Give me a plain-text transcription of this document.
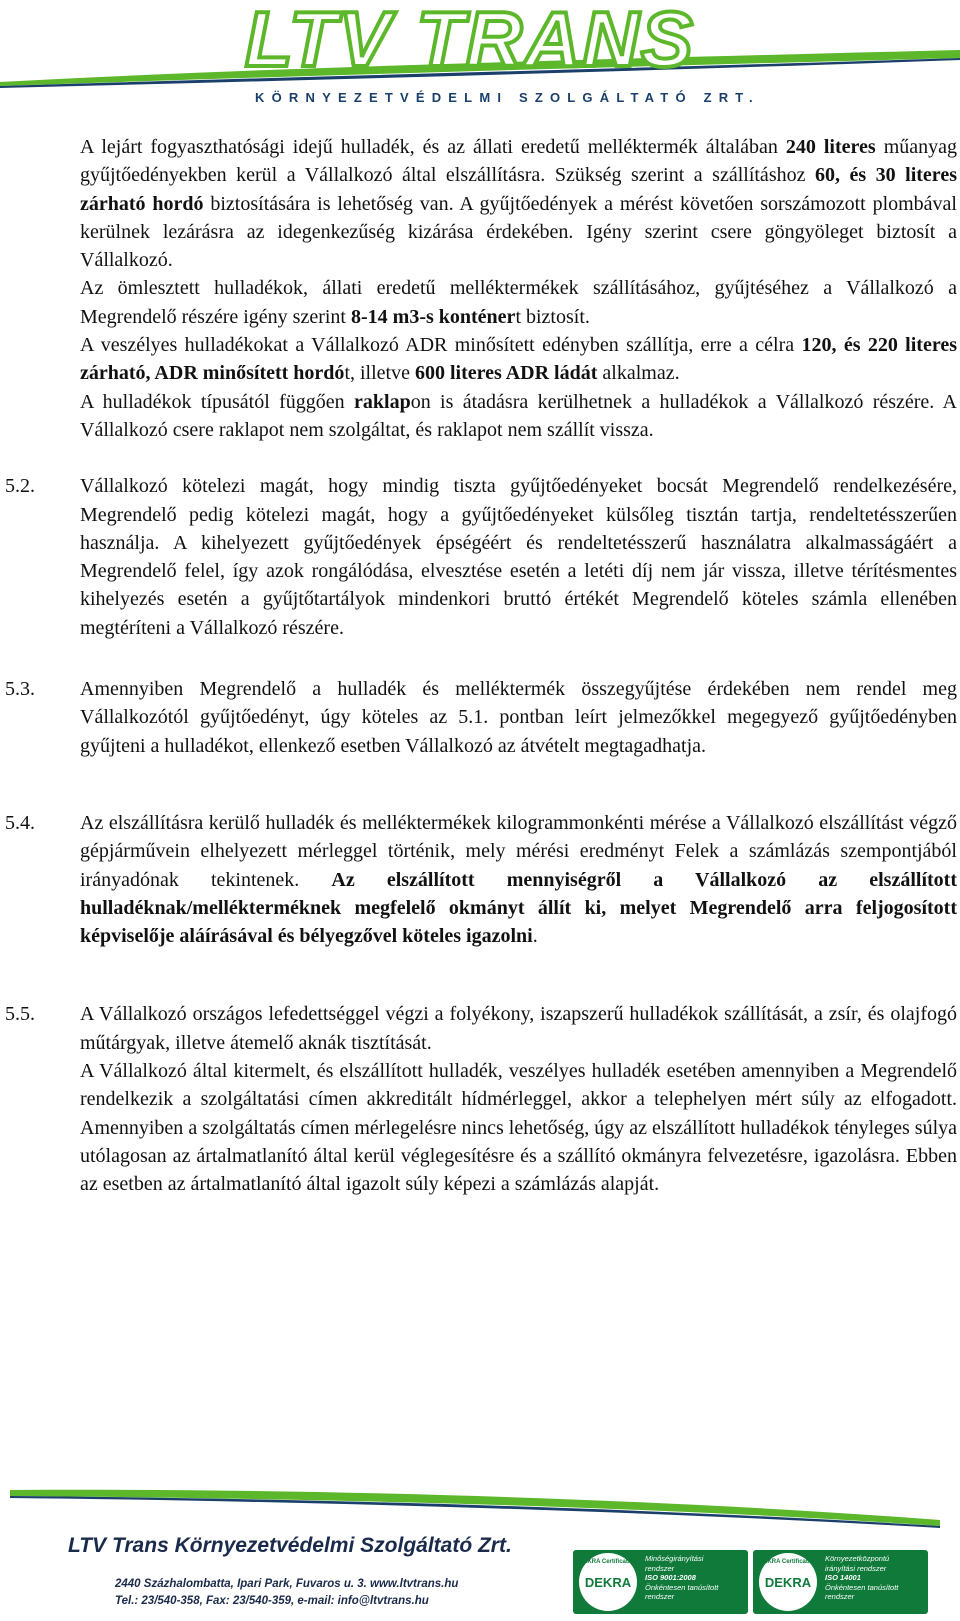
LTV TRANS
KÖRNYEZETVÉDELMI SZOLGÁLTATÓ ZRT.

A lejárt fogyaszthatósági idejű hulladék, és az állati eredetű melléktermék általában 240 literes műanyag gyűjtőedényekben kerül a Vállalkozó által elszállításra. Szükség szerint a szállításhoz 60, és 30 literes zárható hordó biztosítására is lehetőség van. A gyűjtőedények a mérést követően sorszámozott plombával kerülnek lezárásra az idegenkezűség kizárása érdekében. Igény szerint csere göngyöleget biztosít a Vállalkozó.

Az ömlesztett hulladékok, állati eredetű melléktermékek szállításához, gyűjtéséhez a Vállalkozó a Megrendelő részére igény szerint 8-14 m3-s konténert biztosít.

A veszélyes hulladékokat a Vállalkozó ADR minősített edényben szállítja, erre a célra 120, és 220 literes zárható, ADR minősített hordót, illetve 600 literes ADR ládát alkalmaz.

A hulladékok típusától függően raklapon is átadásra kerülhetnek a hulladékok a Vállalkozó részére. A Vállalkozó csere raklapot nem szolgáltat, és raklapot nem szállít vissza.

5.2. Vállalkozó kötelezi magát, hogy mindig tiszta gyűjtőedényeket bocsát Megrendelő rendelkezésére, Megrendelő pedig kötelezi magát, hogy a gyűjtőedényeket külsőleg tisztán tartja, rendeltetésszerűen használja. A kihelyezett gyűjtőedények épségéért és rendeltetésszerű használatra alkalmasságáért a Megrendelő felel, így azok rongálódása, elvesztése esetén a letéti díj nem jár vissza, illetve térítésmentes kihelyezés esetén a gyűjtőtartályok mindenkori bruttó értékét Megrendelő köteles számla ellenében megtéríteni a Vállalkozó részére.

5.3. Amennyiben Megrendelő a hulladék és melléktermék összegyűjtése érdekében nem rendel meg Vállalkozótól gyűjtőedényt, úgy köteles az 5.1. pontban leírt jelmezőkkel megegyező gyűjtőedényben gyűjteni a hulladékot, ellenkező esetben Vállalkozó az átvételt megtagadhatja.

5.4. Az elszállításra kerülő hulladék és melléktermékek kilogrammonkénti mérése a Vállalkozó elszállítást végző gépjárművein elhelyezett mérleggel történik, mely mérési eredményt Felek a számlázás szempontjából irányadónak tekintenek. Az elszállított mennyiségről a Vállalkozó az elszállított hulladéknak/mellékterméknek megfelelő okmányt állít ki, melyet Megrendelő arra feljogosított képviselője aláírásával és bélyegzővel köteles igazolni.

5.5. A Vállalkozó országos lefedettséggel végzi a folyékony, iszapszerű hulladékok szállítását, a zsír, és olajfogó műtárgyak, illetve átemelő aknák tisztítását.

A Vállalkozó által kitermelt, és elszállított hulladék, veszélyes hulladék esetében amennyiben a Megrendelő rendelkezik a szolgáltatási címen akkreditált hídmérleggel, akkor a telephelyen mért súly az elfogadott. Amennyiben a szolgáltatás címen mérlegelésre nincs lehetőség, úgy az elszállított hulladékok tényleges súlya utólagosan az ártalmatlanító által kerül véglegesítésre és a szállító okmányra felvezetésre, igazolásra. Ebben az esetben az ártalmatlanító által igazolt súly képezi a számlázás alapját.

LTV Trans Környezetvédelmi Szolgáltató Zrt.
2440 Százhalombatta, Ipari Park, Fuvaros u. 3. www.ltvtrans.hu
Tel.: 23/540-358, Fax: 23/540-359, e-mail: info@ltvtrans.hu
DEKRA Certification
DEKRA
Minőségirányítási
rendszer
ISO 9001:2008
Önkéntesen tanúsított
rendszer
DEKRA Certification
DEKRA
Környezetközpontú
irányítási rendszer
ISO 14001
Önkéntesen tanúsított
rendszer
